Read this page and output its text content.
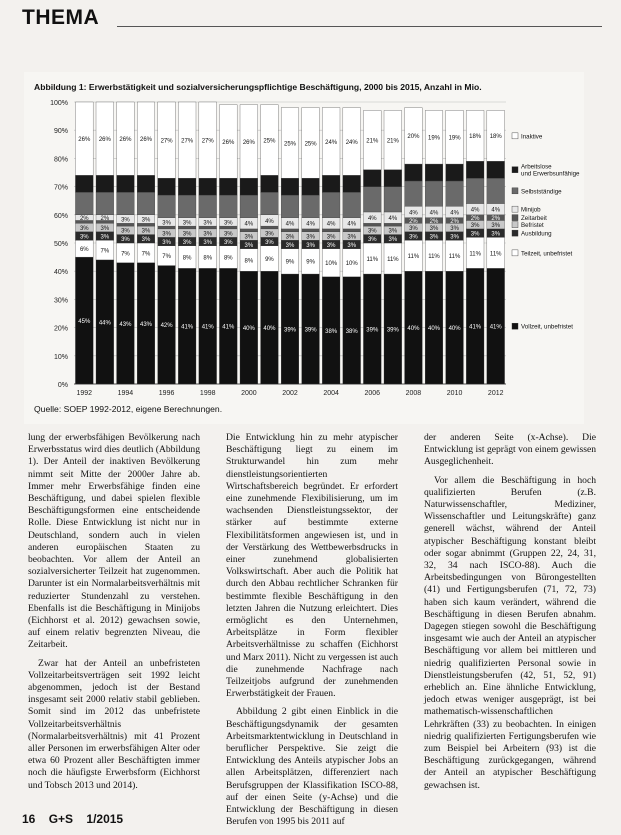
THEMA
Abbildung 1: Erwerbstätigkeit und sozialversicherungspflichtige Beschäftigung, 2000 bis 2015, Anzahl in Mio.
0%
10%
20%
30%
40%
50%
60%
70%
80%
90%
100%
45%
6%
3%
3%
2%
26%
44%
7%
3%
3%
2%
26%
43%
7%
3%
3%
3%
26%
43%
7%
3%
3%
3%
26%
42%
7%
3%
3%
3%
27%
41%
8%
3%
3%
3%
27%
41%
8%
3%
3%
3%
27%
41%
8%
3%
3%
3%
26%
40%
8%
3%
3%
4%
26%
40%
9%
3%
3%
4%
25%
39%
9%
3%
3%
4%
25%
39%
9%
3%
3%
4%
25%
38%
10%
3%
3%
4%
24%
38%
10%
3%
3%
4%
24%
39%
11%
3%
3%
4%
21%
39%
11%
3%
3%
4%
21%
40%
11%
3%
3%
2%
4%
20%
40%
11%
3%
3%
2%
4%
19%
40%
11%
3%
3%
2%
4%
19%
41%
11%
3%
3%
2%
4%
18%
41%
11%
3%
3%
2%
4%
18%
1992	1994	1996	1998	2000	2002	2004	2006	2008	2010	2012
Vollzeit, unbefristet
Teilzeit, unbefristet
Ausbildung
Befristet
Zeitarbeit
Minijob
Selbstständige
Arbeitslose
und Erwerbsunfähige
Inaktive
Quelle: SOEP 1992-2012, eigene Berechnungen.

lung der erwerbsfähigen Bevölkerung nach Erwerbsstatus wird dies deutlich (Abbildung 1). Der Anteil der inaktiven Bevölkerung nimmt seit Mitte der 2000er Jahre ab. Immer mehr Erwerbsfähige finden eine Beschäftigung, und dabei spielen flexible Beschäftigungsformen eine entscheidende Rolle. Diese Entwicklung ist nicht nur in Deutschland, sondern auch in vielen anderen europäischen Staaten zu beobachten. Vor allem der Anteil an sozialversicherter Teilzeit hat zugenommen. Darunter ist ein Normalarbeitsverhältnis mit reduzierter Stundenzahl zu verstehen. Ebenfalls ist die Beschäftigung in Minijobs (Eichhorst et al. 2012) gewachsen sowie, auf einem relativ begrenzten Niveau, die Zeitarbeit.

Zwar hat der Anteil an unbefristeten Vollzeitarbeitsverträgen seit 1992 leicht abgenommen, jedoch ist der Bestand insgesamt seit 2000 relativ stabil geblieben. Somit sind im 2012 das unbefristete Vollzeitarbeitsverhältnis (Normalarbeitsverhältnis) mit 41 Prozent aller Personen im erwerbsfähigen Alter oder etwa 60 Prozent aller Beschäftigten immer noch die häufigste Erwerbsform (Eichhorst und Tobsch 2013 und 2014).

Die Entwicklung hin zu mehr atypischer Beschäftigung liegt zu einem im Strukturwandel hin zum mehr dienstleistungsorientierten Wirtschaftsbereich begründet. Er erfordert eine zunehmende Flexibilisierung, um im wachsenden Dienstleistungssektor, der stärker auf bestimmte externe Flexibilitätsformen angewiesen ist, und in der Verstärkung des Wettbewerbsdrucks in einer zunehmend globalisierten Volkswirtschaft. Aber auch die Politik hat durch den Abbau rechtlicher Schranken für bestimmte flexible Beschäftigung in den letzten Jahren die Nutzung erleichtert. Dies ermöglicht es den Unternehmen, Arbeitsplätze in Form flexibler Arbeitsverhältnisse zu schaffen (Eichhorst und Marx 2011). Nicht zu vergessen ist auch die zunehmende Nachfrage nach Teilzeitjobs aufgrund der zunehmenden Erwerbstätigkeit der Frauen.

Abbildung 2 gibt einen Einblick in die Beschäftigungsdynamik der gesamten Arbeitsmarktentwicklung in Deutschland in beruflicher Perspektive. Sie zeigt die Entwicklung des Anteils atypischer Jobs an allen Arbeitsplätzen, differenziert nach Berufsgruppen der Klassifikation ISCO-88, auf der einen Seite (y-Achse) und die Entwicklung der Beschäftigung in diesen Berufen von 1995 bis 2011 auf

der anderen Seite (x-Achse). Die Entwicklung ist geprägt von einem gewissen Ausgeglichenheit.

Vor allem die Beschäftigung in hoch qualifizierten Berufen (z.B. Naturwissenschaftler, Mediziner, Wissenschaftler und Leitungskräfte) ganz generell wächst, während der Anteil atypischer Beschäftigung konstant bleibt oder sogar abnimmt (Gruppen 22, 24, 31, 32, 34 nach ISCO-88). Auch die Arbeitsbedingungen von Bürongestellten (41) und Fertigungsberufen (71, 72, 73) haben sich kaum verändert, während die Beschäftigung in diesen Berufen abnahm. Dagegen stiegen sowohl die Beschäftigung insgesamt wie auch der Anteil an atypischer Beschäftigung vor allem bei mittleren und niedrig qualifizierten Personal sowie in Dienstleistungsberufen (42, 51, 52, 91) erheblich an. Eine ähnliche Entwicklung, jedoch etwas weniger ausgeprägt, ist bei mathematisch-wissenschaftlichen Lehrkräften (33) zu beobachten. In einigen niedrig qualifizierten Fertigungsberufen wie zum Beispiel bei Arbeitern (93) ist die Beschäftigung zurückgegangen, während der Anteil an atypischer Beschäftigung gewachsen ist.

16 G+S 1/2015
